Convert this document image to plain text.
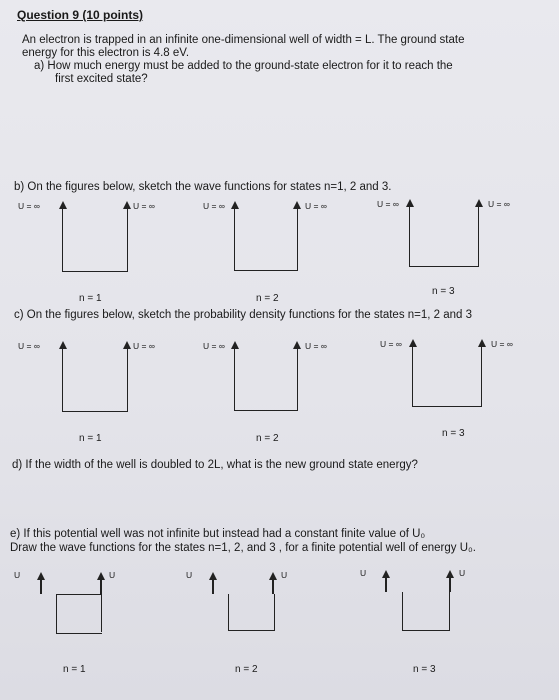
Question 9 (10 points)
An electron is trapped in an infinite one-dimensional well of width = L. The ground state
energy for this electron is 4.8 eV.
a) How much energy must be added to the ground-state electron for it to reach the
first excited state?
b) On the figures below, sketch the wave functions for states n=1, 2 and 3.
c) On the figures below, sketch the probability density functions for the states n=1, 2 and 3
d) If the width of the well is doubled to 2L, what is the new ground state energy?
e) If this potential well was not infinite but instead had a constant finite value of U₀
Draw the wave functions for the states n=1, 2, and 3 , for a finite potential well of energy U₀.
U = ∞	U = ∞
n = 1
U = ∞	U = ∞
n = 2
U = ∞	U = ∞
n = 3
U = ∞	U = ∞
n = 1
U = ∞	U = ∞
n = 2
U = ∞	U = ∞
n = 3
U	U
n = 1
U	U
n = 2
U	U
n = 3
